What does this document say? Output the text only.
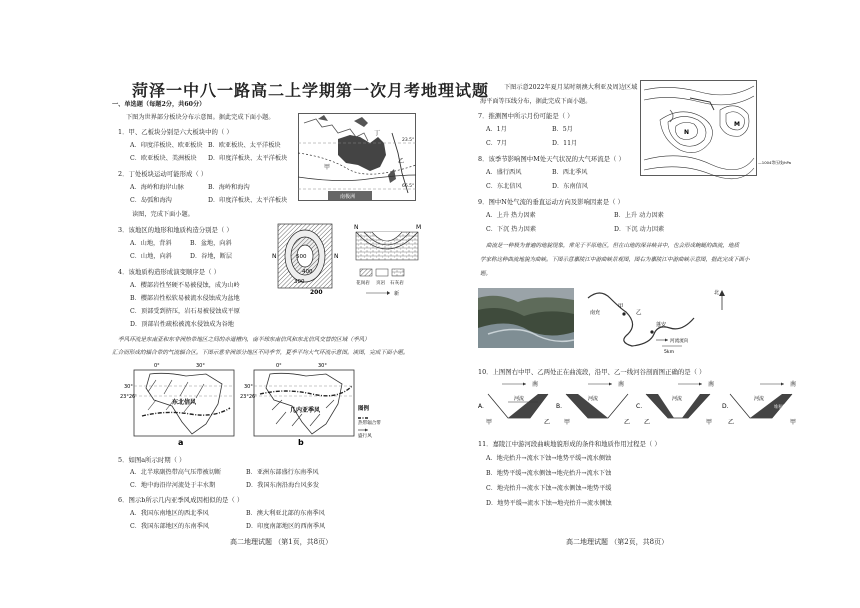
菏泽一中八一路高二上学期第一次月考地理试题
一、单选题（每题2分，共60分）
下图为世界部分板块分布示意图。据此完成下面小题。
1．甲、乙板块分别是六大板块中的（ ）
A．印度洋板块、欧亚板块 B．欧亚板块、太平洋板块
C．欧亚板块、美洲板块 D．印度洋板块、太平洋板块
2．丁处板块运动可能形成（ ）
A．海岭和海岸山脉	B．海岭和海沟
C．岛弧和海沟	D．印度洋板块、太平洋板块
读图，完成下面小题。
3．该地区的地形和地质构造分别是（ ）
A．山地，背斜	B．盆地，向斜
C．山地，向斜	D．谷地，断层
4．该地质构造形成演变顺序是（ ）
A．樱部岩性坚硬不易被侵蚀，成为山岭
B．樱部岩性松软易被流水侵蚀成为盆地
C．顶部受到挤压，岩石易被侵蚀成平原
D．顶部岩性疏松被流水侵蚀成为谷地
季风环流是东南亚和东非洲热带地区之间的赤道槽内，南半球东南信风和东北信风交替的区域（季风）
汇合而形成的辐合带的气流辐合区。下图示意非洲部分地区不同季节，夏季平均大气环流示意图。读图，完成下面小题。
丁
甲
乙
23.5°
66.5°
南极洲
N	N
500
400
300
200
N	M
花岗岩 页岩 石灰岩
新
0°	30°
30°
23°26'
东北信风
a
0°	30°
30°
23°26'
几内亚季风
b
图例
热带辐合带
盛行风
5．如图a所示时期（ ）
A．北半球副热带高气压带被切断	B．亚洲东部盛行东南季风
C．地中海沿岸河流处于丰水期	D．我国东南沿海台风多发
6．图示b所示几内亚季风成因相似的是（ ）
A．我国东南地区的西北季风	B．澳大利亚北部的东南季风
C．我国东部地区的东南季风	D．印度南部地区的西南季风
高二地理试题 （第1页，共8页）
下图示意2022年夏月某时刻澳大利亚及周边区域
海平面等压线分布，据此完成下面小题。
M
N
—1004等压线/hPa
7．推测图中所示月份可能是（ ）
A．1月	B．5月
C．7月	D．11月
8．该季节影响图中M处天气状况的大气环流是（ ）
A．盛行西风	B．西北季风
C．东北信风	D．东南信风
9．图中N处气流的垂直运动方向及影响因素是（ ）
A．上升 热力因素	B．上升 动力因素
C．下沉 热力因素	D．下沉 动力因素
曲流是一种极为普遍的地貌现象，常见于平原地区，但在山地的深谷峡谷中，也会形成蜿蜒的曲流，地质
学家称这种曲流地貌为曲峡。下图示意嘉陵江中游曲峡景观图，图右为嘉陵江中游曲峡示意图，据此完成下面小
题。
南充
甲
乙
蓬安
5km
河流流向
北
10．上图图右中甲、乙两处正在曲流段，沿甲、乙一线河谷剖面图正确的是（ ）
A.
南
河流
甲	乙
B.
南
河流
甲	乙
C.
南
河流
乙	甲
D.
南
河流
堆积物
乙	甲
11．嘉陵江中游河段曲峡地貌形成的条件和地质作用过程是（ ）
A．地壳抬升→流水下蚀→地势平缓→流水侧蚀
B．地势平缓→流水侧蚀→地壳抬升→流水下蚀
C．地壳抬升→流水下蚀→流水侧蚀→地势平缓
D．地势平缓→流水下蚀→地壳抬升→流水侧蚀
高二地理试题 （第2页，共8页）
